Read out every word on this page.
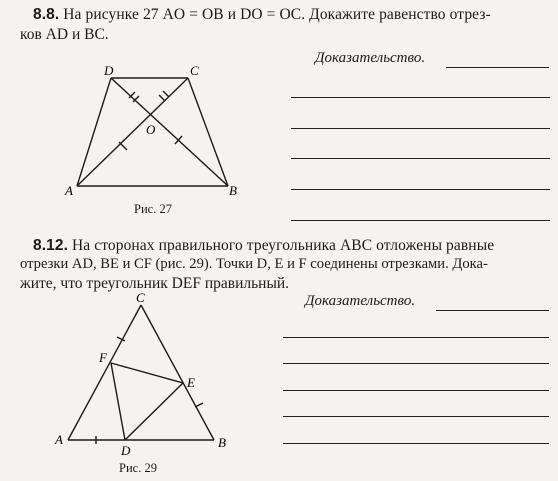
8.8. На рисунке 27 AO = OB и DO = OC. Докажите равенство отрез-
ков AD и BC.
Доказательство.
D	C
O
A	B
Рис. 27
8.12. На сторонах правильного треугольника ABC отложены равные
отрезки AD, BE и CF (рис. 29). Точки D, E и F соединены отрезками. Дока-
жите, что треугольник DEF правильный.
Доказательство.
C
F
E
A
D
B
Рис. 29
